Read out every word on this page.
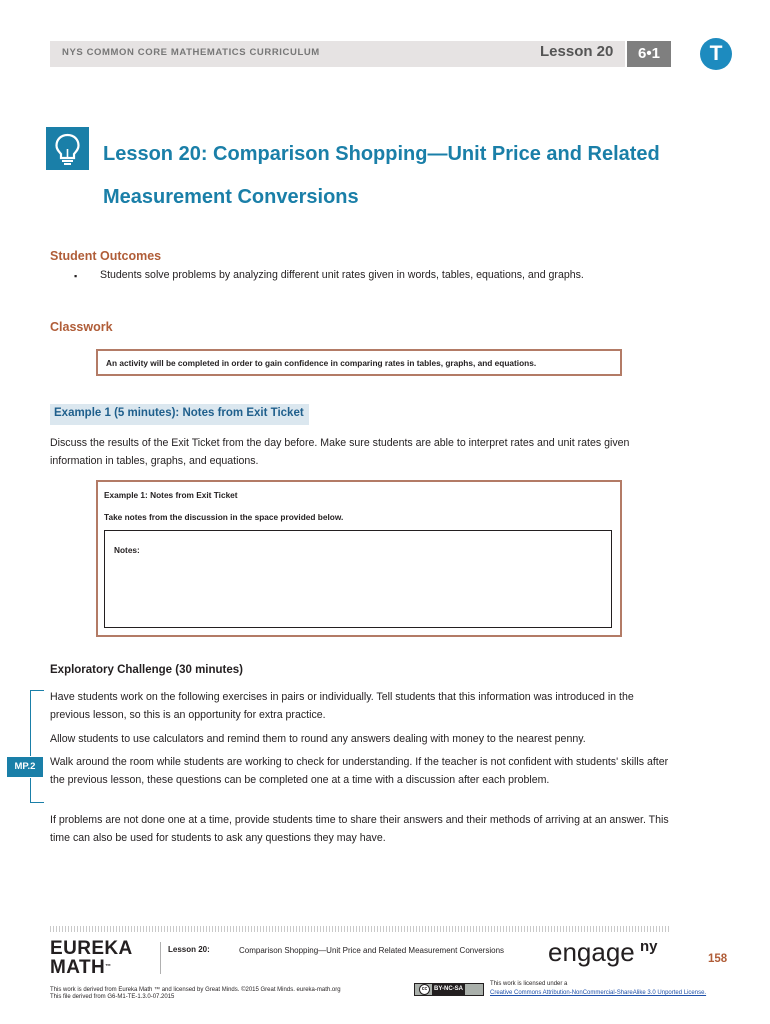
NYS COMMON CORE MATHEMATICS CURRICULUM	Lesson 20	6•1	T
Lesson 20: Comparison Shopping—Unit Price and Related
Measurement Conversions
Student Outcomes
▪ Students solve problems by analyzing different unit rates given in words, tables, equations, and graphs.
Classwork
An activity will be completed in order to gain confidence in comparing rates in tables, graphs, and equations.
Example 1 (5 minutes): Notes from Exit Ticket
Discuss the results of the Exit Ticket from the day before. Make sure students are able to interpret rates and unit rates given information in tables, graphs, and equations.
Example 1: Notes from Exit Ticket
Take notes from the discussion in the space provided below.
Notes:
Exploratory Challenge (30 minutes)
MP.2
Have students work on the following exercises in pairs or individually. Tell students that this information was introduced in the previous lesson, so this is an opportunity for extra practice.
Allow students to use calculators and remind them to round any answers dealing with money to the nearest penny.
Walk around the room while students are working to check for understanding. If the teacher is not confident with students' skills after the previous lesson, these questions can be completed one at a time with a discussion after each problem.
If problems are not done one at a time, provide students time to share their answers and their methods of arriving at an answer. This time can also be used for students to ask any questions they may have.
EUREKA
MATH™
Lesson 20:	Comparison Shopping—Unit Price and Related Measurement Conversions engage ny
158
This work is derived from Eureka Math ™ and licensed by Great Minds. ©2015 Great Minds. eureka-math.org
This file derived from G6-M1-TE-1.3.0-07.2015
cc BY-NC-SA
This work is licensed under a
Creative Commons Attribution-NonCommercial-ShareAlike 3.0 Unported License.
